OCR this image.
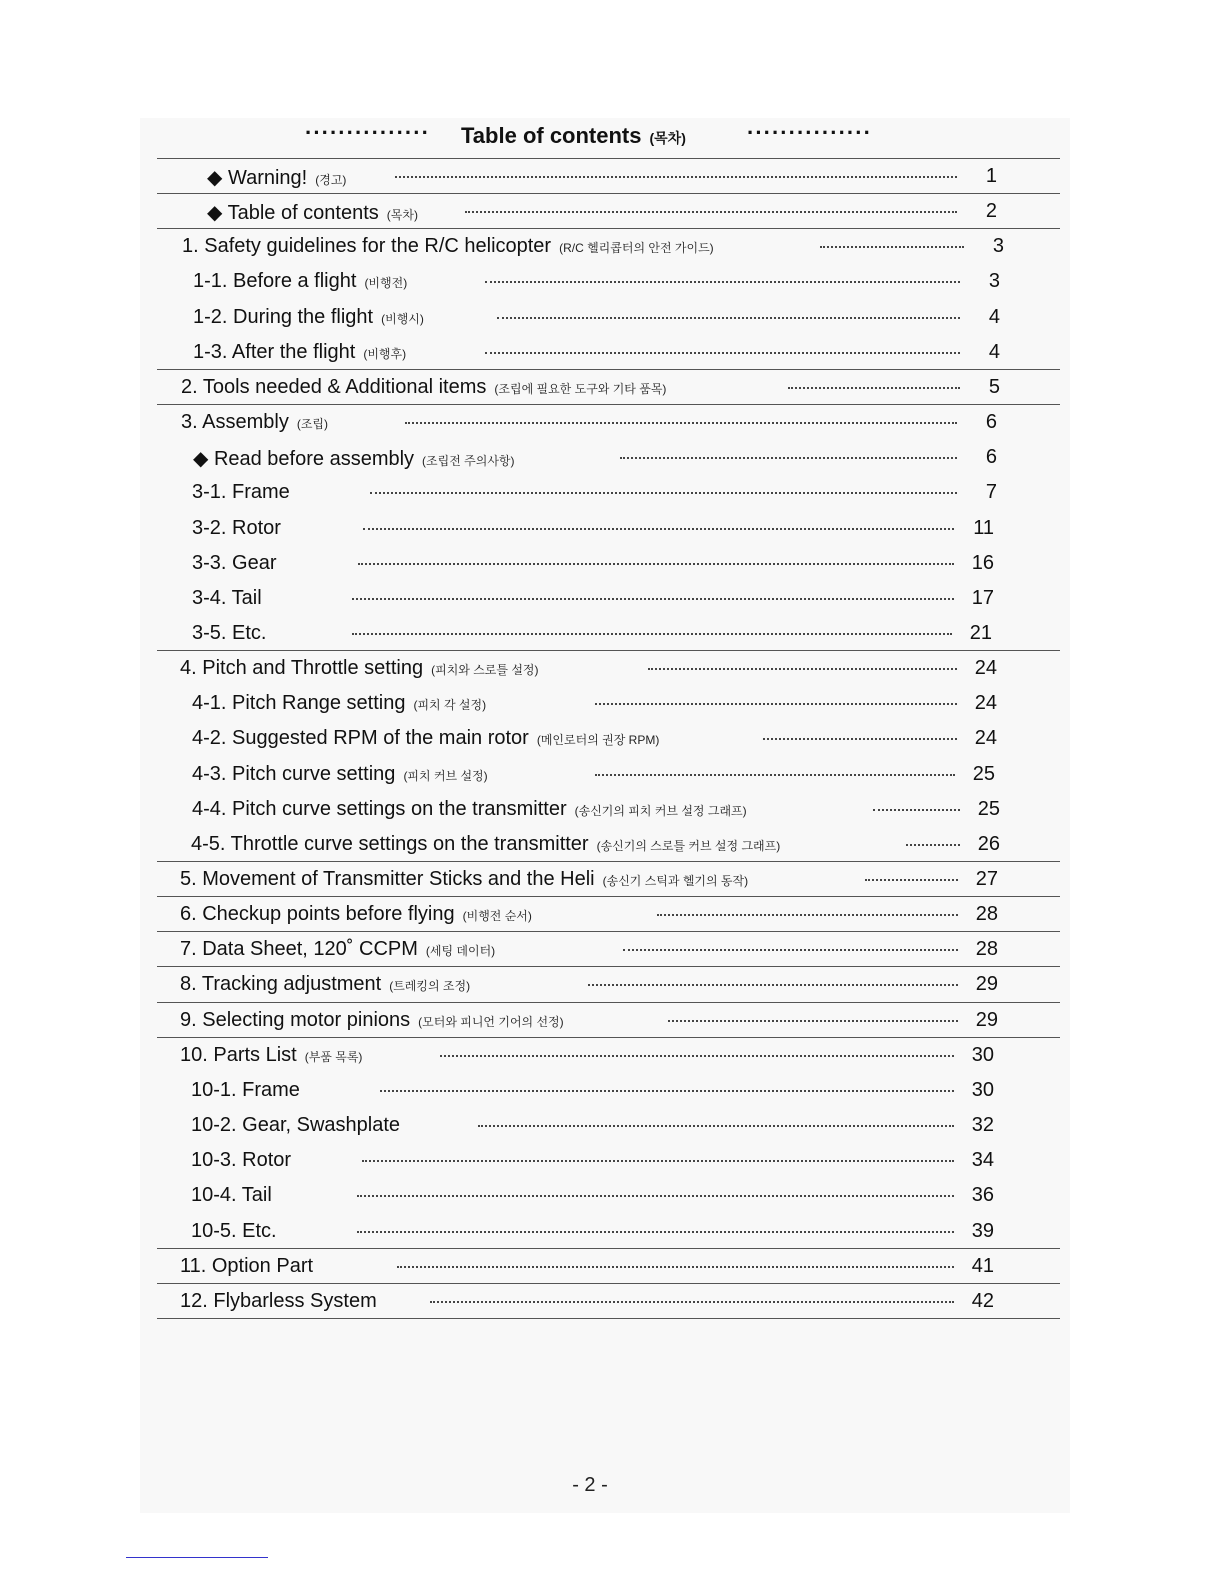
··············· Table of contents (목차)	···············
◆ Warning! (경고)	1
◆ Table of contents (목차)	2
1. Safety guidelines for the R/C helicopter (R/C 헬리콥터의 안전 가이드)	3
1-1. Before a flight (비행전)	3
1-2. During the flight (비행시)	4
1-3. After the flight (비행후)	4
2. Tools needed & Additional items (조립에 필요한 도구와 기타 품목)	5
3. Assembly (조립)	6
◆ Read before assembly (조립전 주의사항)	6
3-1. Frame	7
3-2. Rotor	11
3-3. Gear	16
3-4. Tail	17
3-5. Etc.	21
4. Pitch and Throttle setting (피치와 스로틀 설정)	24
4-1. Pitch Range setting (피치 각 설정)	24
4-2. Suggested RPM of the main rotor (메인로터의 권장 RPM)	24
4-3. Pitch curve setting (피치 커브 설정)	25
4-4. Pitch curve settings on the transmitter (송신기의 피치 커브 설정 그래프)	25
4-5. Throttle curve settings on the transmitter (송신기의 스로틀 커브 설정 그래프)	26
5. Movement of Transmitter Sticks and the Heli (송신기 스틱과 헬기의 동작)	27
6. Checkup points before flying (비행전 순서)	28
7. Data Sheet, 120˚ CCPM (세팅 데이터)	28
8. Tracking adjustment (트레킹의 조정)	29
9. Selecting motor pinions (모터와 피니언 기어의 선정)	29
10. Parts List (부품 목록)	30
10-1. Frame	30
10-2. Gear, Swashplate	32
10-3. Rotor	34
10-4. Tail	36
10-5. Etc.	39
11. Option Part	41
12. Flybarless System	42
- 2 -
